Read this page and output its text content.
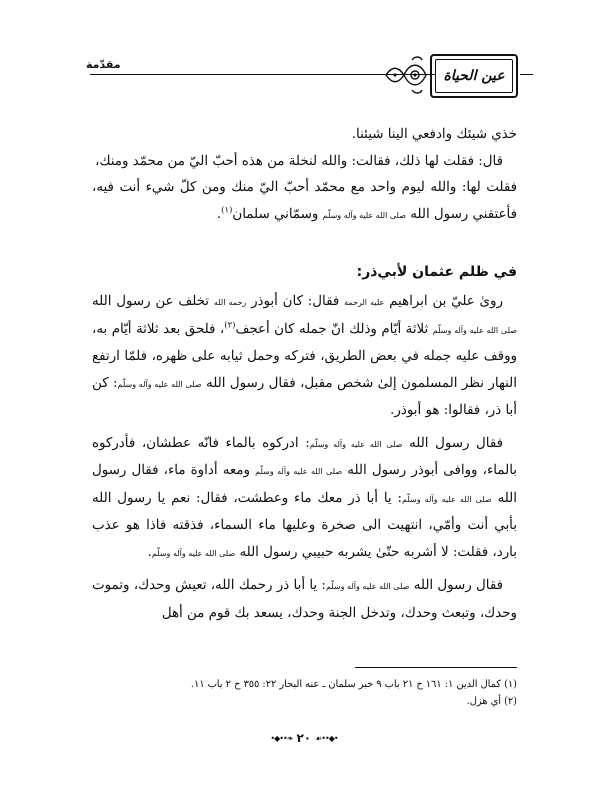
مقدّمة
عين الحياة

خذي شيئك وادفعي الينا شيئنا.

قال: فقلت لها ذلك، فقالت: والله لنخلة من هذه أحبّ اليّ من محمّد ومنك،

فقلت لها: والله ليوم واحد مع محمّد أحبّ اليّ منك ومن كلّ شيء أنت فيه، فأعتقني رسول الله صلى الله عليه وآله وسلّم وسمّاني سلمان$^{(١)}$.

في ظلم عثمان لأبي‌ذر:

روىٰ عليّ بن ابراهيم عليه الرحمة فقال: كان أبوذر رحمه الله تخلف عن رسول الله صلى الله عليه وآله وسلّم ثلاثة أيّام وذلك انّ جمله كان أعجف$^{(٢)}$، فلحق بعد ثلاثة أيّام به، ووقف عليه جمله في بعض الطريق، فتركه وحمل ثيابه على ظهره، فلمّا ارتفع النهار نظر المسلمون إلىٰ شخص مقبل، فقال رسول الله صلى الله عليه وآله وسلّم: كن أبا ذر، فقالوا: هو أبوذر.

فقال رسول الله صلى الله عليه وآله وسلّم: ادركوه بالماء فانّه عطشان، فأدركوه بالماء، ووافى أبوذر رسول الله صلى الله عليه وآله وسلّم ومعه أداوة ماء، فقال رسول الله صلى الله عليه وآله وسلّم: يا أبا ذر معك ماء وعطشت، فقال: نعم يا رسول الله بأبي أنت وأمّي، انتهيت الى صخرة وعليها ماء السماء، فذقته فاذا هو عذب بارد، فقلت: لا أشربه حتّىٰ يشربه حبيبي رسول الله صلى الله عليه وآله وسلّم.

فقال رسول الله صلى الله عليه وآله وسلّم: يا أبا ذر رحمك الله، تعيش وحدك، وتموت وحدك، وتبعث وحدك، وتدخل الجنة وحدك، يسعد بك قوم من أهل

(١) كمال الدين ١: ١٦١ ح ٢١ باب ٩ خبر سلمان ـ عنه البحار ٢٢: ٣٥٥ ح ٢ باب ١١.

(٢) أي هزل.

•◆••❧ ٢٠ ☙••◆•
